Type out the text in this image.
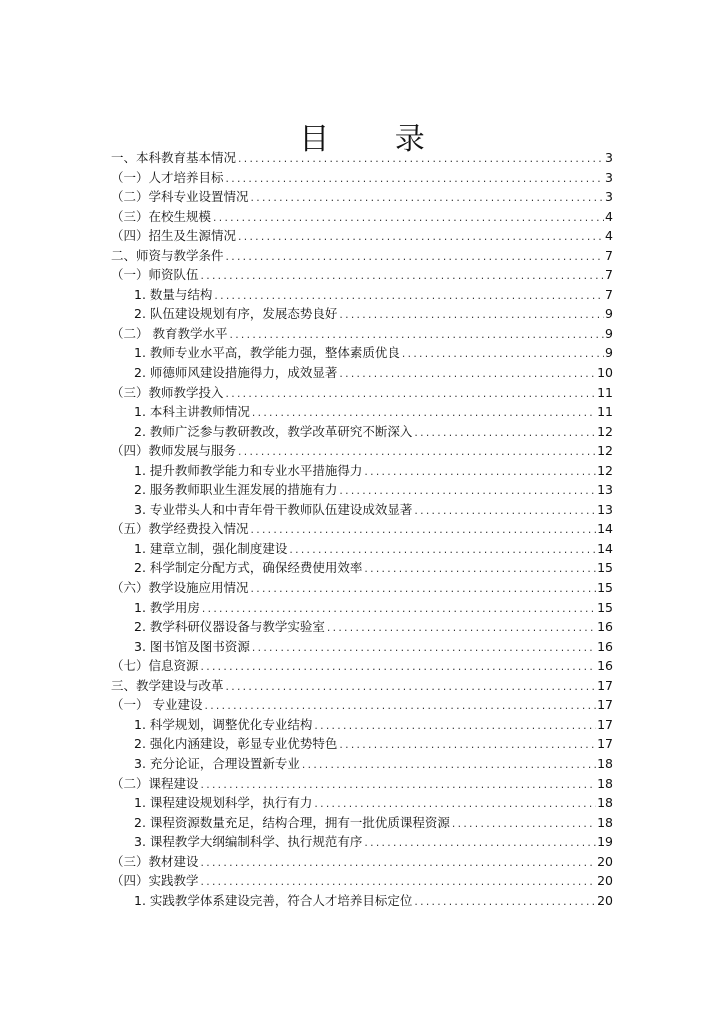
目 录
一、本科教育基本情况 .....	3
（一）人才培养目标 .....	3
（二）学科专业设置情况 .....	3
（三）在校生规模 .....	4
（四）招生及生源情况 .....	4
二、师资与教学条件 .....	7
（一）师资队伍 .....	7
1. 数量与结构 .....	7
2. 队伍建设规划有序，发展态势良好 .....	9
（二） 教育教学水平 .....	9
1. 教师专业水平高，教学能力强，整体素质优良 .....	9
2. 师德师风建设措施得力，成效显著 .....	10
（三）教师教学投入 .....	11
1. 本科主讲教师情况 .....	11
2. 教师广泛参与教研教改，教学改革研究不断深入 .....	12
（四）教师发展与服务 .....	12
1. 提升教师教学能力和专业水平措施得力 .....	12
2. 服务教师职业生涯发展的措施有力 .....	13
3. 专业带头人和中青年骨干教师队伍建设成效显著 .....	13
（五）教学经费投入情况 .....	14
1. 建章立制，强化制度建设 .....	14
2. 科学制定分配方式，确保经费使用效率 .....	15
（六）教学设施应用情况 .....	15
1. 教学用房 .....	15
2. 教学科研仪器设备与教学实验室 .....	16
3. 图书馆及图书资源 .....	16
（七）信息资源 .....	16
三、教学建设与改革 .....	17
（一） 专业建设 .....	17
1. 科学规划，调整优化专业结构 .....	17
2. 强化内涵建设，彰显专业优势特色 .....	17
3. 充分论证，合理设置新专业 .....	18
（二）课程建设 .....	18
1. 课程建设规划科学，执行有力 .....	18
2. 课程资源数量充足，结构合理，拥有一批优质课程资源 .....	18
3. 课程教学大纲编制科学、执行规范有序 .....	19
（三）教材建设 .....	20
（四）实践教学 .....	20
1. 实践教学体系建设完善，符合人才培养目标定位 .....	20
